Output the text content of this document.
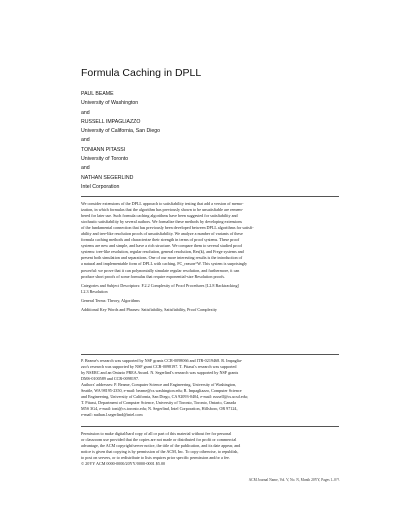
Formula Caching in DPLL
PAUL BEAME
University of Washington
and
RUSSELL IMPAGLIAZZO
University of California, San Diego
and
TONIANN PITASSI
University of Toronto
and
NATHAN SEGERLIND
Intel Corporation
We consider extensions of the DPLL approach to satisfiability testing that add a version of memo-
ization, in which formulas that the algorithm has previously shown to be unsatisfiable are remem-
bered for later use. Such formula caching algorithms have been suggested for satisfiability and
stochastic satisfiability by several authors. We formalize these methods by developing extensions
of the fundamental connection that has previously been developed between DPLL algorithms for satisfi-
ability and tree-like resolution proofs of unsatisfiability. We analyze a number of variants of these
formula caching methods and characterize their strength in terms of proof systems. These proof
systems are new and simple, and have a rich structure. We compare them to several studied proof
systems: tree-like resolution, regular resolution, general resolution, Res(k), and Frege systems and
present both simulation and separations. One of our more interesting results is the introduction of
a natural and implementable form of DPLL with caching, FC_reason^W. This system is surprisingly
powerful: we prove that it can polynomially simulate regular resolution, and furthermore, it can
produce short proofs of some formulas that require exponential-size Resolution proofs.
Categories and Subject Descriptors: F.2.2 Complexity of Proof Procedures [I.2.8 Backtracking]
I.2.3 Resolution
General Terms: Theory, Algorithms
Additional Key Words and Phrases: Satisfiability, Satisfiability, Proof Complexity
P. Beame's research was supported by NSF grants CCR-0098066 and ITR-0219468. R. Impaglia-
zzo's research was supported by NSF grant CCR-0098197. T. Pitassi's research was supported
by NSERC and an Ontario PREA Award. N. Segerlind's research was supported by NSF grants
DMS-0100589 and CCR-0098197.
Authors' addresses: P. Beame, Computer Science and Engineering, University of Washington,
Seattle, WA 98195-2350, e-mail: beame@cs.washington.edu; R. Impagliazzo, Computer Science
and Engineering, University of California, San Diego, CA 92093-0404, e-mail: russell@cs.ucsd.edu;
T. Pitassi, Department of Computer Science, University of Toronto, Toronto, Ontario, Canada
M5S 3G4, e-mail: toni@cs.toronto.edu; N. Segerlind, Intel Corporation, Hillsboro, OR 97124,
e-mail: nathan.l.segerlind@intel.com
Permission to make digital/hard copy of all or part of this material without fee for personal
or classroom use provided that the copies are not made or distributed for profit or commercial
advantage, the ACM copyright/server notice, the title of the publication, and its date appear, and
notice is given that copying is by permission of the ACM, Inc. To copy otherwise, to republish,
to post on servers, or to redistribute to lists requires prior specific permission and/or a fee.
© 20YY ACM 0000-0000/20YY/0000-0001 $5.00
ACM Journal Name, Vol. V, No. N, Month 20YY, Pages 1–0??.
